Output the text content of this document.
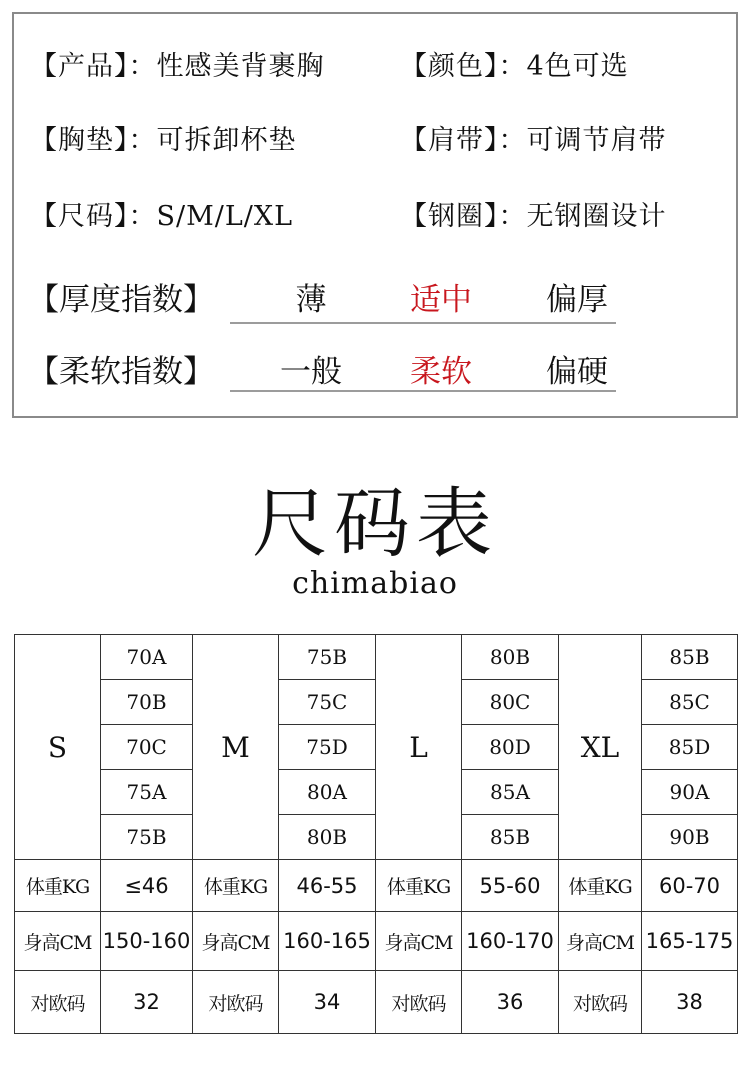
【产品】：性感美背裹胸	【颜色】：4色可选
【胸垫】：可拆卸杯垫	【肩带】：可调节肩带
【尺码】：S/M/L/XL	【钢圈】：无钢圈设计
【厚度指数】	薄	适中	偏厚
【柔软指数】	一般	柔软	偏硬
尺码表
chimabiao
S	70A	M	75B	L	80B	XL	85B
	70B		75C		80C		85C
	70C		75D		80D		85D
	75A		80A		85A		90A
	75B		80B		85B		90B
体重KG	≤46	体重KG	46-55	体重KG	55-60	体重KG	60-70
身高CM	150-160	身高CM	160-165	身高CM	160-170	身高CM	165-175
对欧码	32	对欧码	34	对欧码	36	对欧码	38
